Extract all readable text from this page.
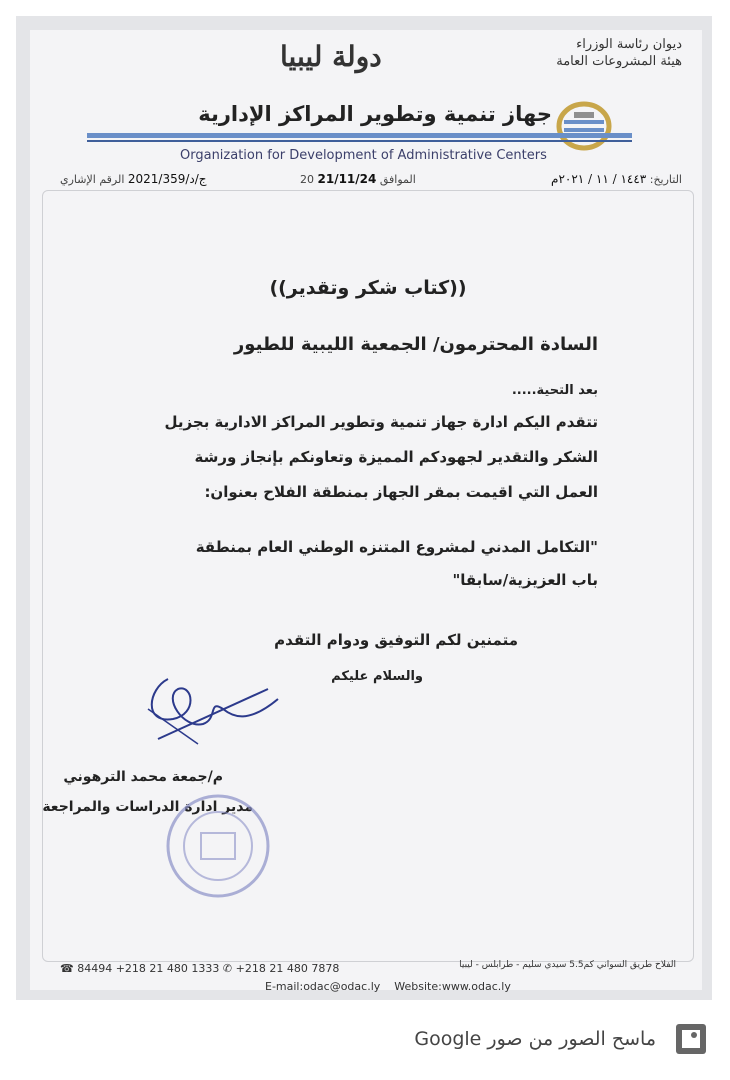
ديوان رئاسة الوزراء
هيئة المشروعات العامة
دولة ليبيا
جهاز تنمية وتطوير المراكز الإدارية
Organization for Development of Administrative Centers
التاريخ: ١٤٤٣ / ١١ / ٢٠٢١م
20 21/11/24 الموافق
ج/د/2021/359 الرقم الإشاري
((كتاب شكر وتقدير))
السادة المحترمون/ الجمعية الليبية للطيور
بعد التحية.....
تتقدم اليكم ادارة جهاز تنمية وتطوير المراكز الادارية بجزيل
الشكر والتقدير لجهودكم المميزة وتعاونكم بإنجاز ورشة
العمل التي اقيمت بمقر الجهاز بمنطقة الفلاح بعنوان:
"التكامل المدني لمشروع المتنزه الوطني العام بمنطقة
باب العزيزية/سابقا"
متمنين لكم التوفيق ودوام التقدم
والسلام عليكم
م/جمعة محمد الترهوني
مدير ادارة الدراسات والمراجعة
الفلاح طريق السواني كم5.5 سيدي سليم - طرابلس - ليبيا
☎ 84494 +218 21 480 1333 ✆ +218 21 480 7878
E-mail:odac@odac.ly Website:www.odac.ly
ماسح الصور من صور Google
